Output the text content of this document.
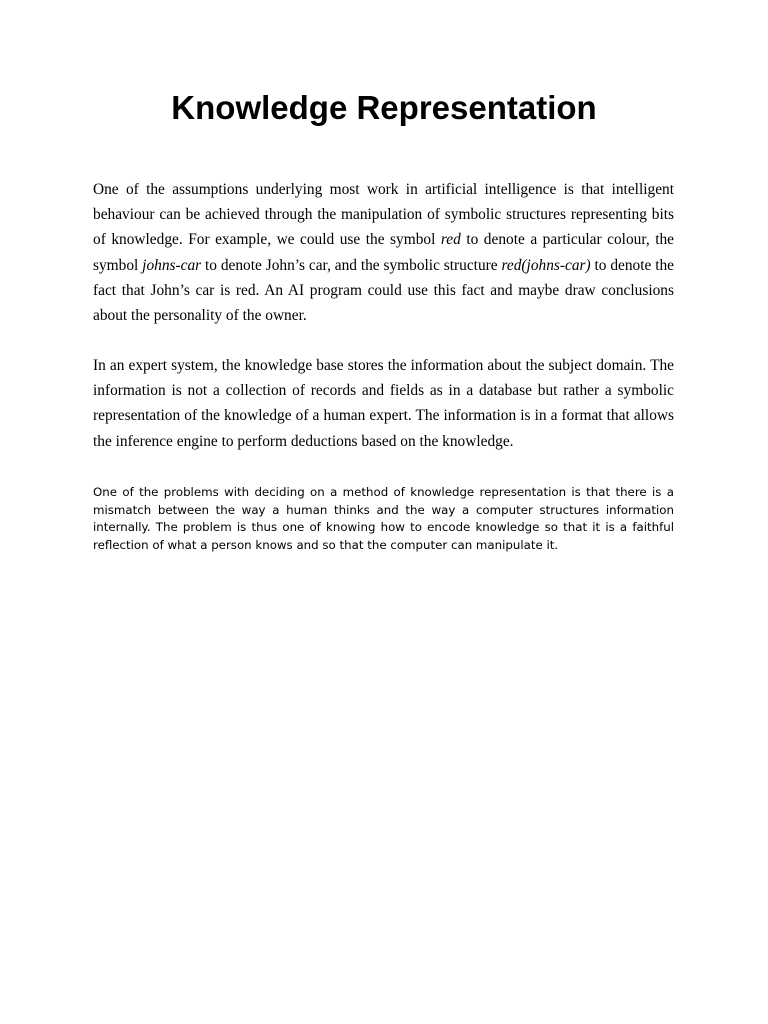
Knowledge Representation

One of the assumptions underlying most work in artificial intelligence is that intelligent behaviour can be achieved through the manipulation of symbolic structures representing bits of knowledge. For example, we could use the symbol red to denote a particular colour, the symbol johns-car to denote John’s car, and the symbolic structure red(johns-car) to denote the fact that John’s car is red. An AI program could use this fact and maybe draw conclusions about the personality of the owner.

In an expert system, the knowledge base stores the information about the subject domain. The information is not a collection of records and fields as in a database but rather a symbolic representation of the knowledge of a human expert. The information is in a format that allows the inference engine to perform deductions based on the knowledge.

One of the problems with deciding on a method of knowledge representation is that there is a mismatch between the way a human thinks and the way a computer structures information internally. The problem is thus one of knowing how to encode knowledge so that it is a faithful reflection of what a person knows and so that the computer can manipulate it.
